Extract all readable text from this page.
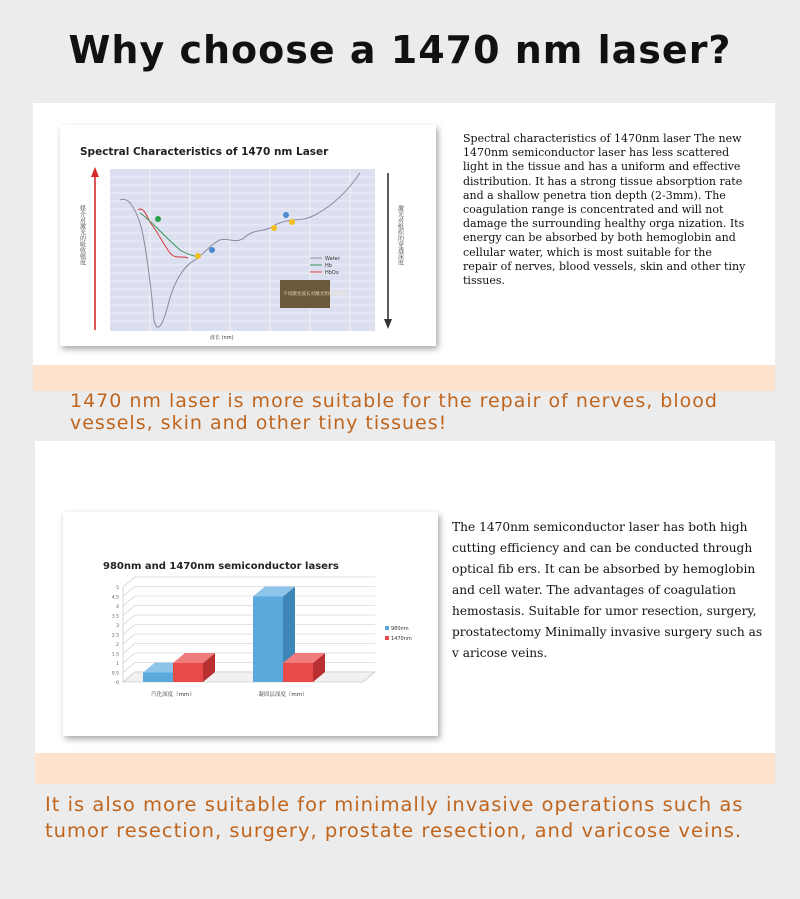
Why choose a 1470 nm laser?
Spectral Characteristics of 1470 nm Laser
媒介对激光的吸收强度	激光对组织的穿透深度
Water
Hb
HbOx
不同激光波长对激光组织的吸收
波长 (nm)
Spectral characteristics of 1470nm laser The new 1470nm semiconductor laser has less scattered light in the tissue and has a uniform and effective distribution. It has a strong tissue absorption rate and a shallow penetra tion depth (2-3mm). The coagulation range is concentrated and will not damage the surrounding healthy orga nization. Its energy can be absorbed by both hemoglobin and cellular water, which is most suitable for the repair of nerves, blood vessels, skin and other tiny tissues.
1470 nm laser is more suitable for the repair of nerves, blood vessels, skin and other tiny tissues!
980nm and 1470nm semiconductor lasers
0
0.5
1
1.5
2
2.5
3
3.5
4
4.5
5
汽化深度（mm）	凝固层深度（mm）
980nm
1470nm
The 1470nm semiconductor laser has both high cutting efficiency and can be conducted through optical fib ers. It can be absorbed by hemoglobin and cell water. The advantages of coagulation hemostasis. Suitable for umor resection, surgery, prostatectomy Minimally invasive surgery such as v aricose veins.
It is also more suitable for minimally invasive operations such as tumor resection, surgery, prostate resection, and varicose veins.
